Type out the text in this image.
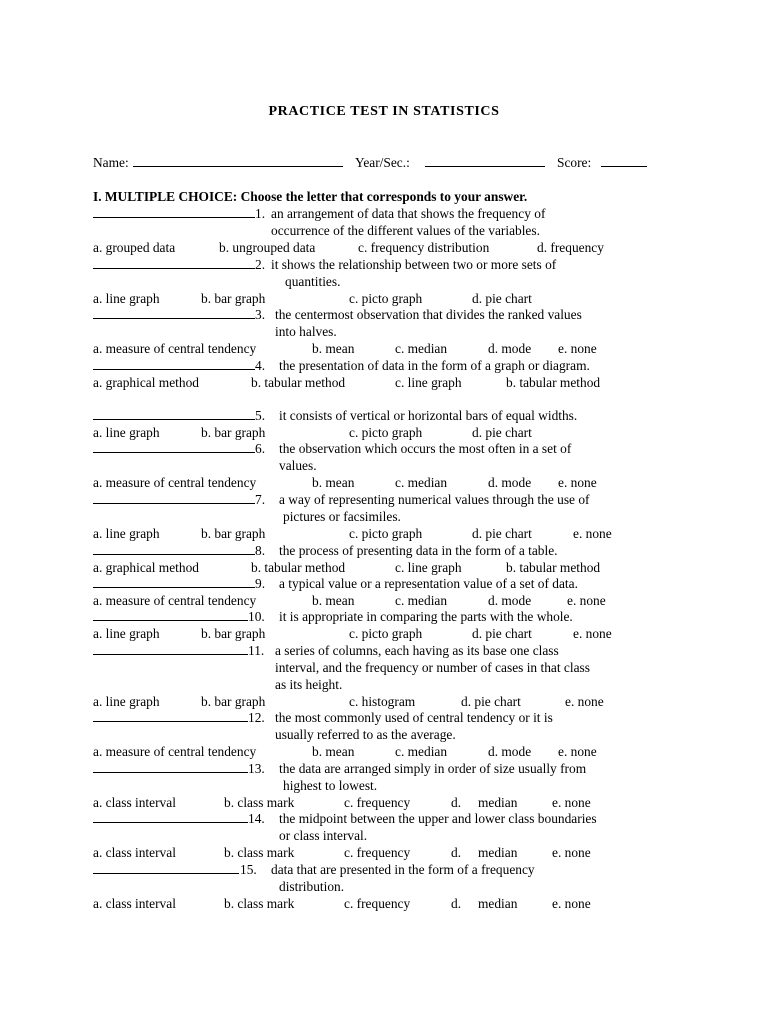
PRACTICE TEST IN STATISTICS
Name:	Year/Sec.:	Score:
I. MULTIPLE CHOICE: Choose the letter that corresponds to your answer.
1. an arrangement of data that shows the frequency of
occurrence of the different values of the variables.
a. grouped data	b. ungrouped data	c. frequency distribution	d. frequency
2. it shows the relationship between two or more sets of
quantities.
a. line graph	b. bar graph	c. picto graph	d. pie chart
3. the centermost observation that divides the ranked values
into halves.
a. measure of central tendency	b. mean	c. median	d. mode e. none
4. the presentation of data in the form of a graph or diagram.
a. graphical method	b. tabular method	c. line graph	b. tabular method
5. it consists of vertical or horizontal bars of equal widths.
a. line graph	b. bar graph	c. picto graph	d. pie chart
6. the observation which occurs the most often in a set of
values.
a. measure of central tendency	b. mean	c. median	d. mode e. none
7. a way of representing numerical values through the use of
pictures or facsimiles.
a. line graph	b. bar graph	c. picto graph	d. pie chart	e. none
8. the process of presenting data in the form of a table.
a. graphical method	b. tabular method	c. line graph	b. tabular method
9. a typical value or a representation value of a set of data.
a. measure of central tendency	b. mean	c. median	d. mode	e. none
10. it is appropriate in comparing the parts with the whole.
a. line graph	b. bar graph	c. picto graph	d. pie chart	e. none
11. a series of columns, each having as its base one class
interval, and the frequency or number of cases in that class
as its height.
a. line graph	b. bar graph	c. histogram	d. pie chart	e. none
12. the most commonly used of central tendency or it is
usually referred to as the average.
a. measure of central tendency	b. mean	c. median	d. mode e. none
13. the data are arranged simply in order of size usually from
highest to lowest.
a. class interval	b. class mark	c. frequency	d. median	e. none
14. the midpoint between the upper and lower class boundaries
or class interval.
a. class interval	b. class mark	c. frequency	d. median	e. none
15. data that are presented in the form of a frequency
distribution.
a. class interval	b. class mark	c. frequency	d. median	e. none
